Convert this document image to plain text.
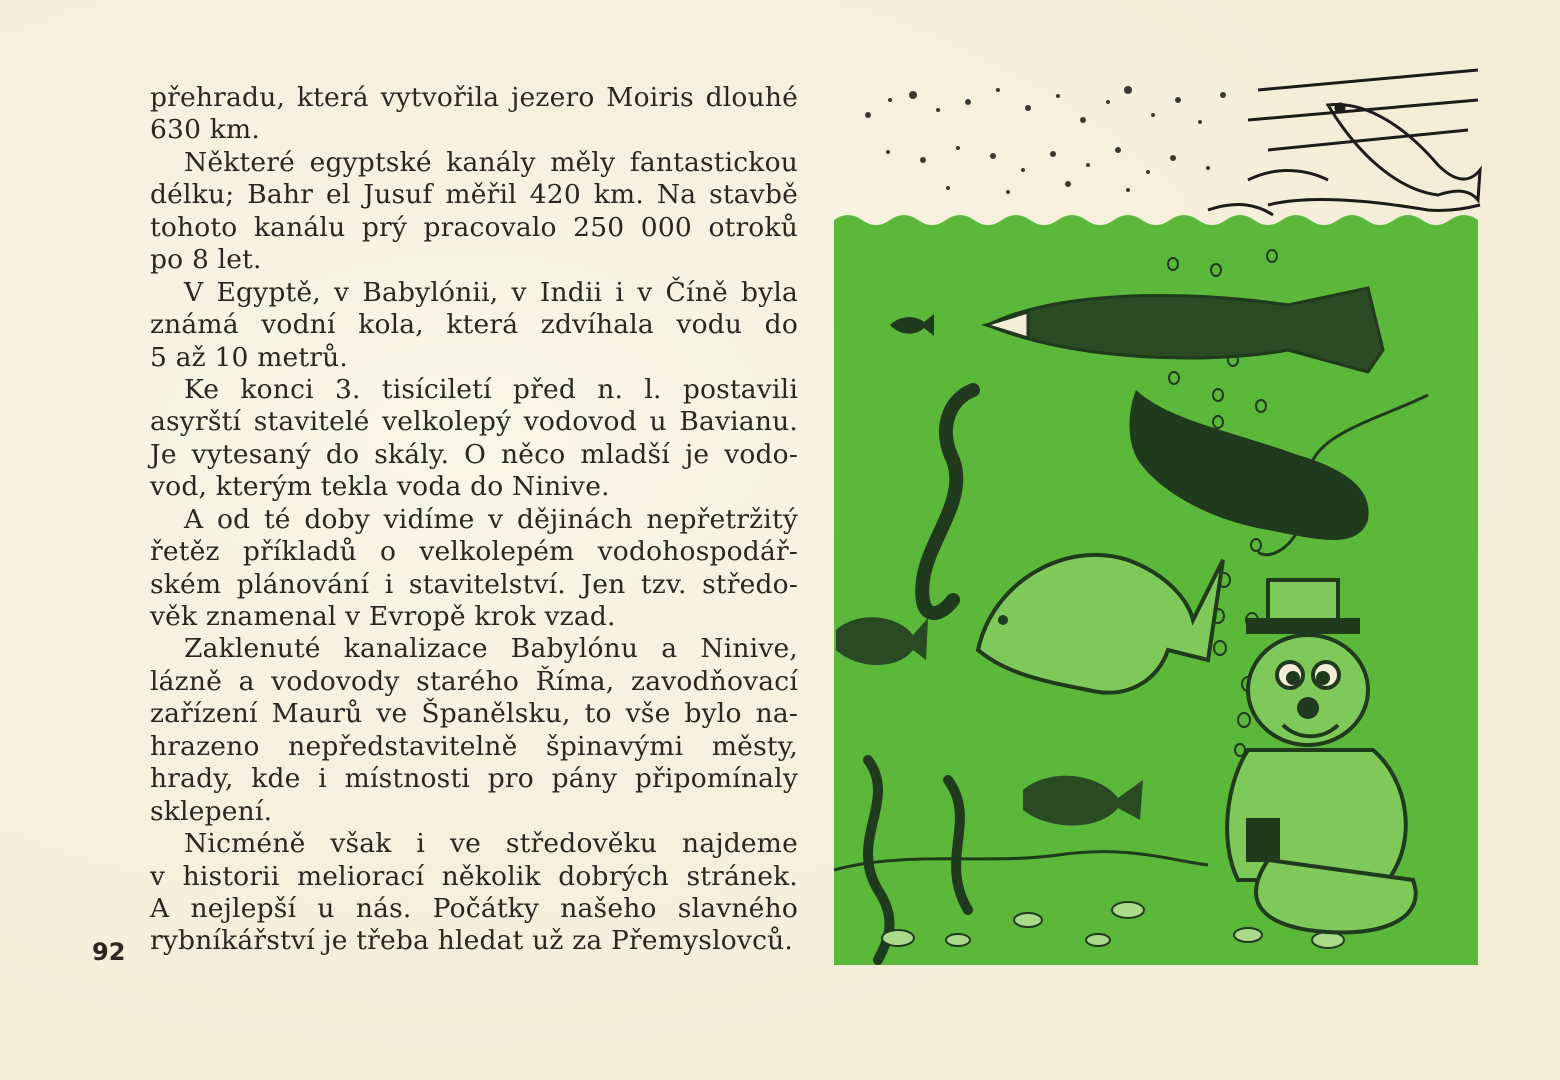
přehradu, která vytvořila jezero Moiris dlouhé
630 km.
Některé egyptské kanály měly fantastickou
délku; Bahr el Jusuf měřil 420 km. Na stavbě
tohoto kanálu prý pracovalo 250 000 otroků
po 8 let.
V Egyptě, v Babylónii, v Indii i v Číně byla
známá vodní kola, která zdvíhala vodu do
5 až 10 metrů.
Ke konci 3. tisíciletí před n. l. postavili
asyrští stavitelé velkolepý vodovod u Bavianu.
Je vytesaný do skály. O něco mladší je vodo-
vod, kterým tekla voda do Ninive.
A od té doby vidíme v dějinách nepřetržitý
řetěz příkladů o velkolepém vodohospodář-
ském plánování i stavitelství. Jen tzv. středo-
věk znamenal v Evropě krok vzad.
Zaklenuté kanalizace Babylónu a Ninive,
lázně a vodovody starého Říma, zavodňovací
zařízení Maurů ve Španělsku, to vše bylo na-
hrazeno nepředstavitelně špinavými městy,
hrady, kde i místnosti pro pány připomínaly
sklepení.
Nicméně však i ve středověku najdeme
v historii meliorací několik dobrých stránek.
A nejlepší u nás. Počátky našeho slavného
rybníkářství je třeba hledat už za Přemyslovců.
92
